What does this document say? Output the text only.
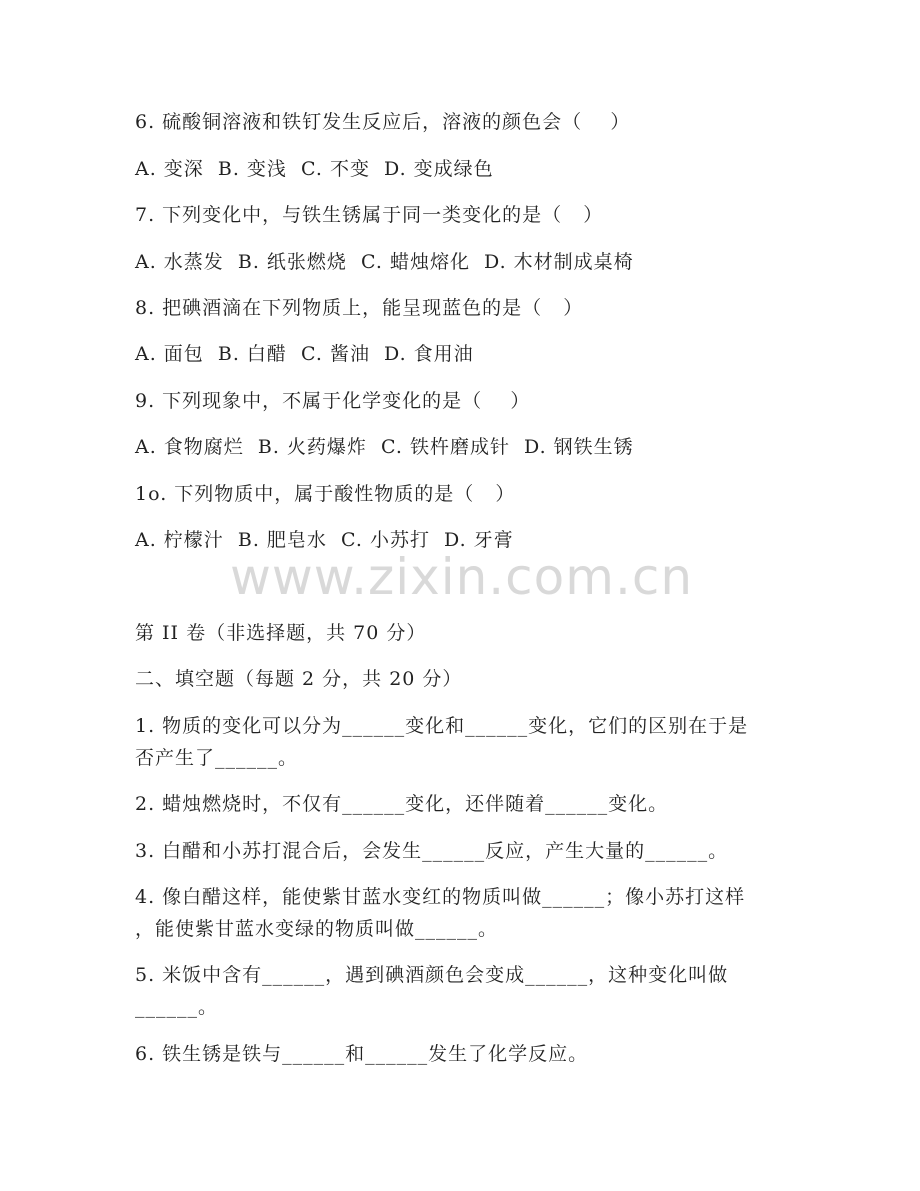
www.zixin.com.cn
6. 硫酸铜溶液和铁钉发生反应后，溶液的颜色会（    ）
A. 变深  B. 变浅  C. 不变  D. 变成绿色
7. 下列变化中，与铁生锈属于同一类变化的是（   ）
A. 水蒸发  B. 纸张燃烧  C. 蜡烛熔化  D. 木材制成桌椅
8. 把碘酒滴在下列物质上，能呈现蓝色的是（   ）
A. 面包  B. 白醋  C. 酱油  D. 食用油
9. 下列现象中，不属于化学变化的是（    ）
A. 食物腐烂  B. 火药爆炸  C. 铁杵磨成针  D. 钢铁生锈
1o. 下列物质中，属于酸性物质的是（   ）
A. 柠檬汁  B. 肥皂水  C. 小苏打  D. 牙膏
第 II 卷（非选择题，共 70 分）
二、填空题（每题 2 分，共 20 分）
1. 物质的变化可以分为______变化和______变化，它们的区别在于是
否产生了______。
2. 蜡烛燃烧时，不仅有______变化，还伴随着______变化。
3. 白醋和小苏打混合后，会发生______反应，产生大量的______。
4. 像白醋这样，能使紫甘蓝水变红的物质叫做______；像小苏打这样
，能使紫甘蓝水变绿的物质叫做______。
5. 米饭中含有______，遇到碘酒颜色会变成______，这种变化叫做
______。
6. 铁生锈是铁与______和______发生了化学反应。
